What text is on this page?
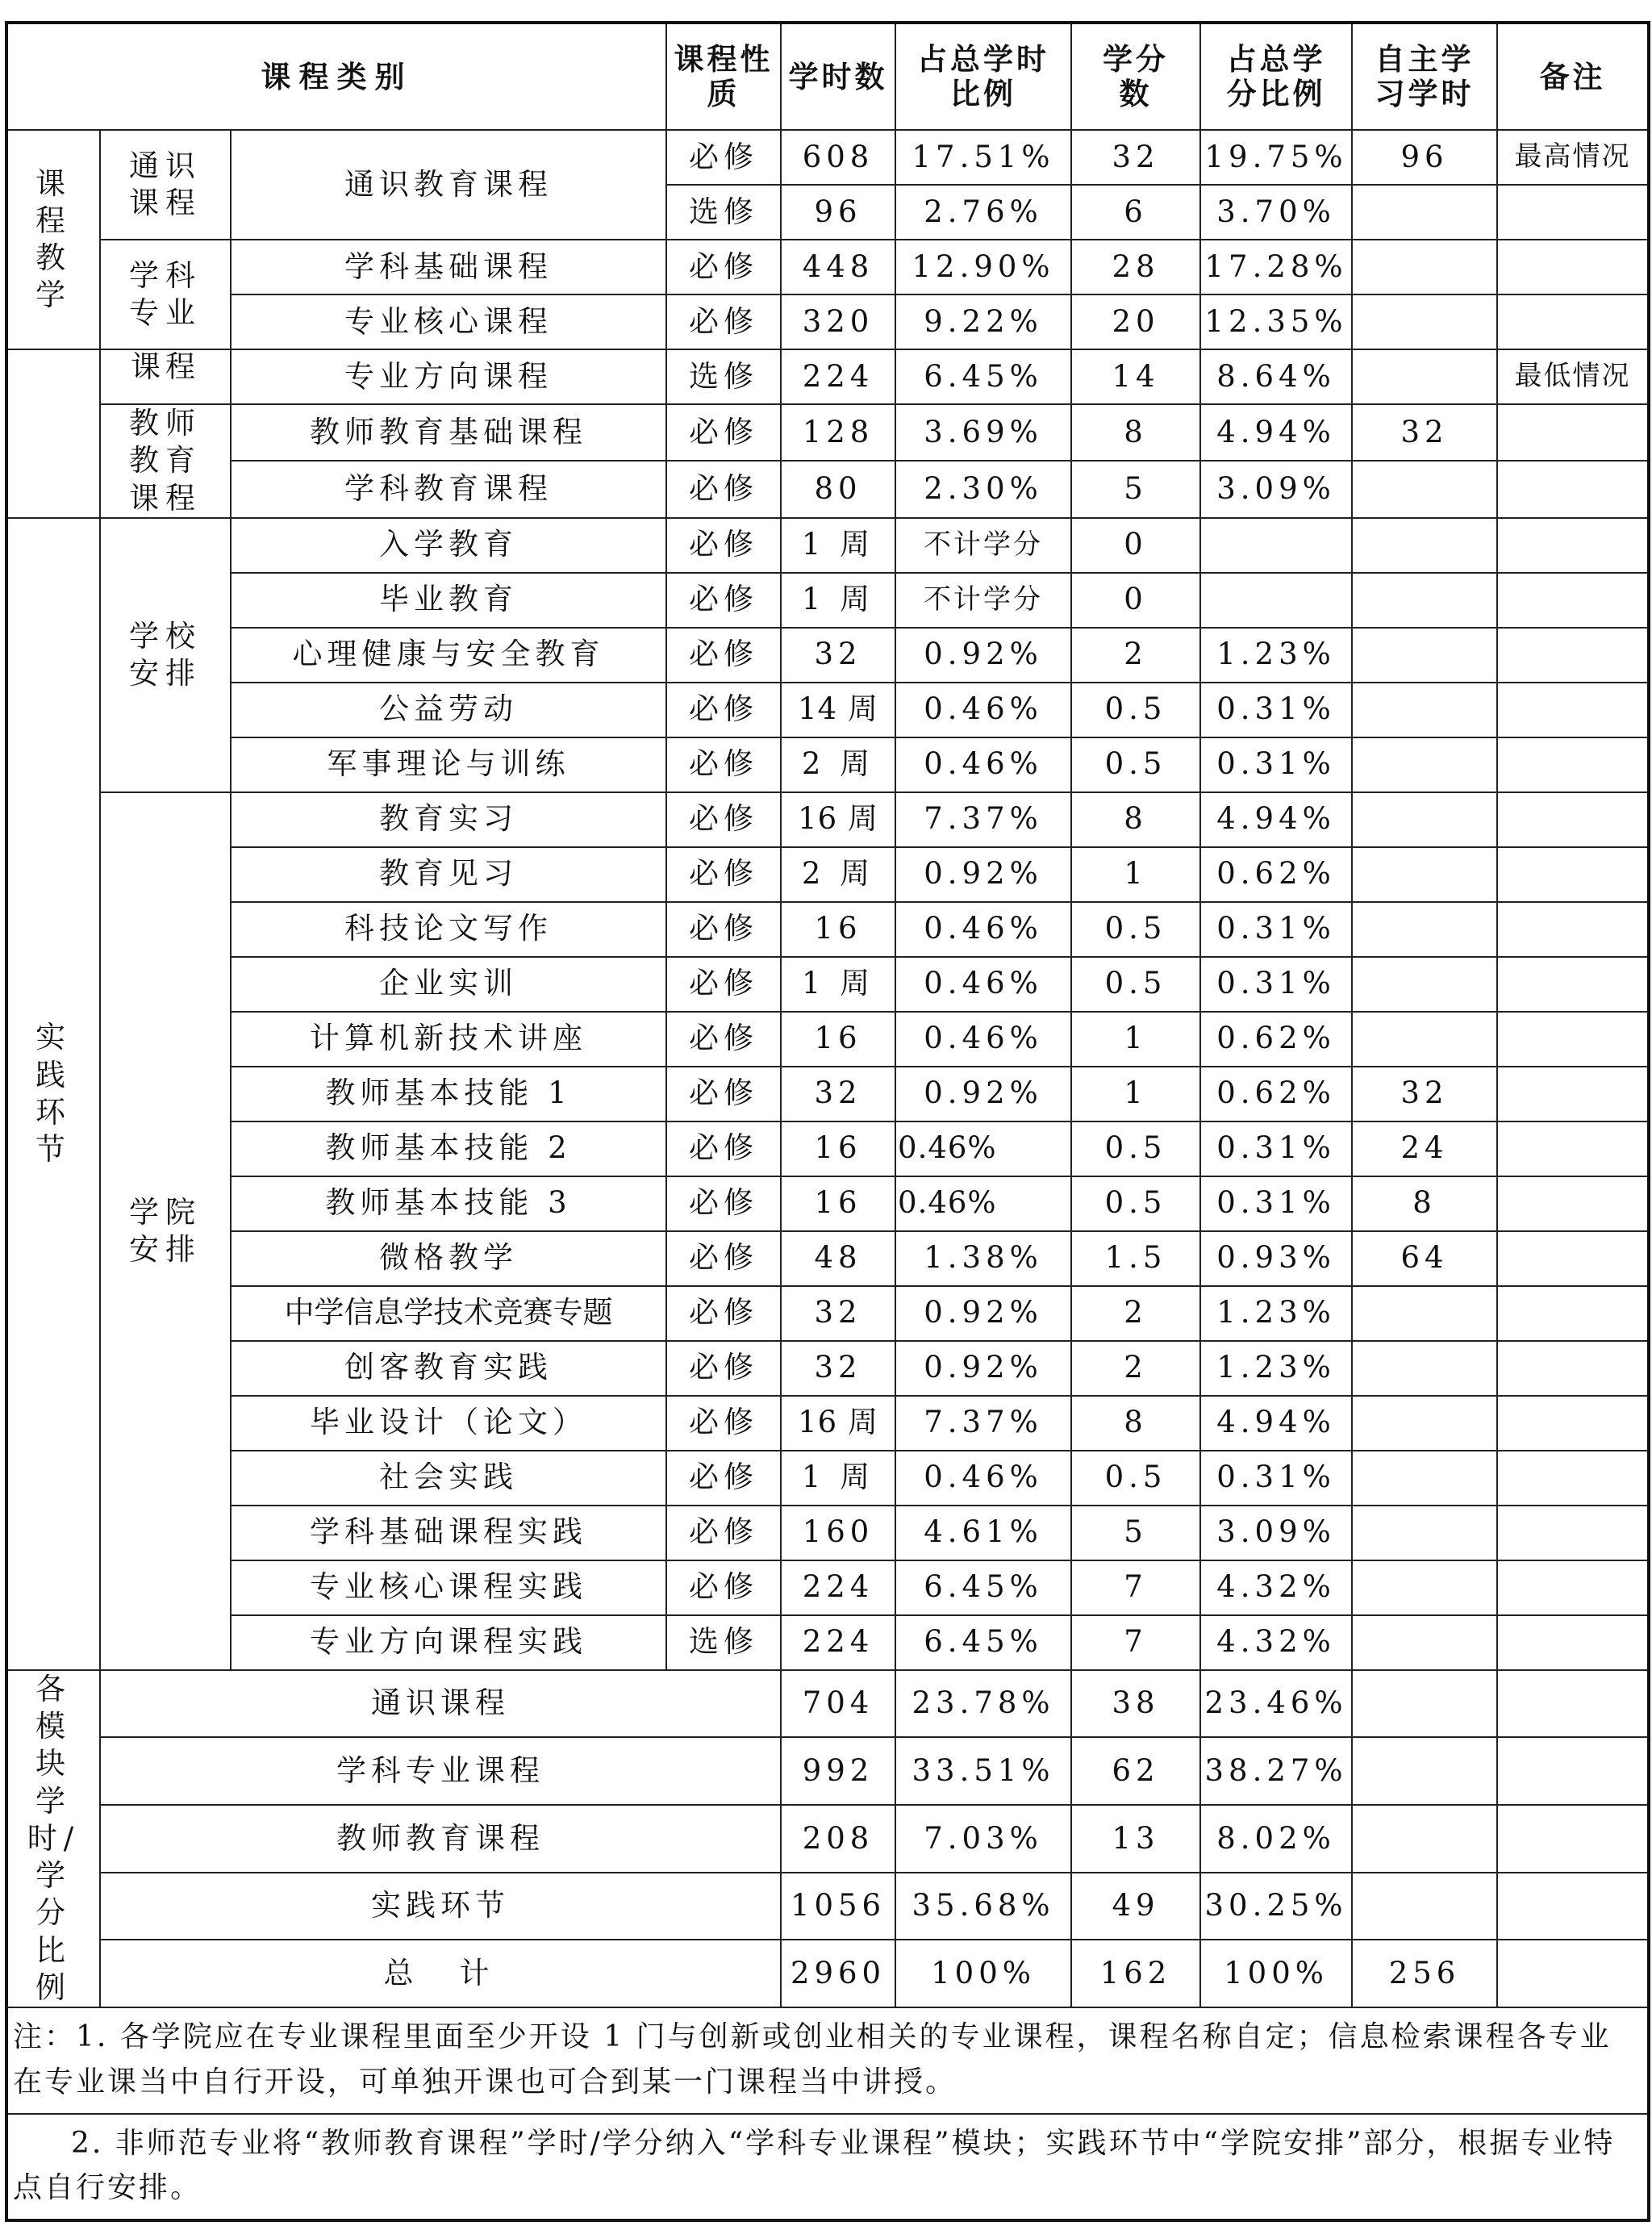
课程类别			课程性质	学时数	占总学时比例	学分数	占总学分比例	自主学习学时	备注
课程教学	通识课程	通识教育课程	必修	608	17.51%	32	19.75%	96	最高情况
			选修	96	2.76%	6	3.70%		
	学科专业	学科基础课程	必修	448	12.90%	28	17.28%		
		专业核心课程	必修	320	9.22%	20	12.35%		
	课程	专业方向课程	选修	224	6.45%	14	8.64%		最低情况
	教师教育课程	教师教育基础课程	必修	128	3.69%	8	4.94%	32	
		学科教育课程	必修	80	2.30%	5	3.09%		
实践环节	学校安排	入学教育	必修	1 周	不计学分	0			
		毕业教育	必修	1 周	不计学分	0			
		心理健康与安全教育	必修	32	0.92%	2	1.23%		
		公益劳动	必修	14 周	0.46%	0.5	0.31%		
		军事理论与训练	必修	2 周	0.46%	0.5	0.31%		
	学院安排	教育实习	必修	16 周	7.37%	8	4.94%		
		教育见习	必修	2 周	0.92%	1	0.62%		
		科技论文写作	必修	16	0.46%	0.5	0.31%		
		企业实训	必修	1 周	0.46%	0.5	0.31%		
		计算机新技术讲座	必修	16	0.46%	1	0.62%		
		教师基本技能 1	必修	32	0.92%	1	0.62%	32	
		教师基本技能 2	必修	16	0.46%	0.5	0.31%	24	
		教师基本技能 3	必修	16	0.46%	0.5	0.31%	8	
		微格教学	必修	48	1.38%	1.5	0.93%	64	
		中学信息学技术竞赛专题	必修	32	0.92%	2	1.23%		
		创客教育实践	必修	32	0.92%	2	1.23%		
		毕业设计（论文）	必修	16 周	7.37%	8	4.94%		
		社会实践	必修	1 周	0.46%	0.5	0.31%		
		学科基础课程实践	必修	160	4.61%	5	3.09%		
		专业核心课程实践	必修	224	6.45%	7	4.32%		
		专业方向课程实践	选修	224	6.45%	7	4.32%		
各模块学时/学分比例	通识课程			704	23.78%	38	23.46%		
	学科专业课程			992	33.51%	62	38.27%		
	教师教育课程			208	7.03%	13	8.02%		
	实践环节			1056	35.68%	49	30.25%		
	总　计			2960	100%	162	100%	256	

注：1. 各学院应在专业课程里面至少开设 1 门与创新或创业相关的专业课程，课程名称自定；信息检索课程各专业在专业课当中自行开设，可单独开课也可合到某一门课程当中讲授。									

2. 非师范专业将“教师教育课程”学时/学分纳入“学科专业课程”模块；实践环节中“学院安排”部分，根据专业特点自行安排。									
